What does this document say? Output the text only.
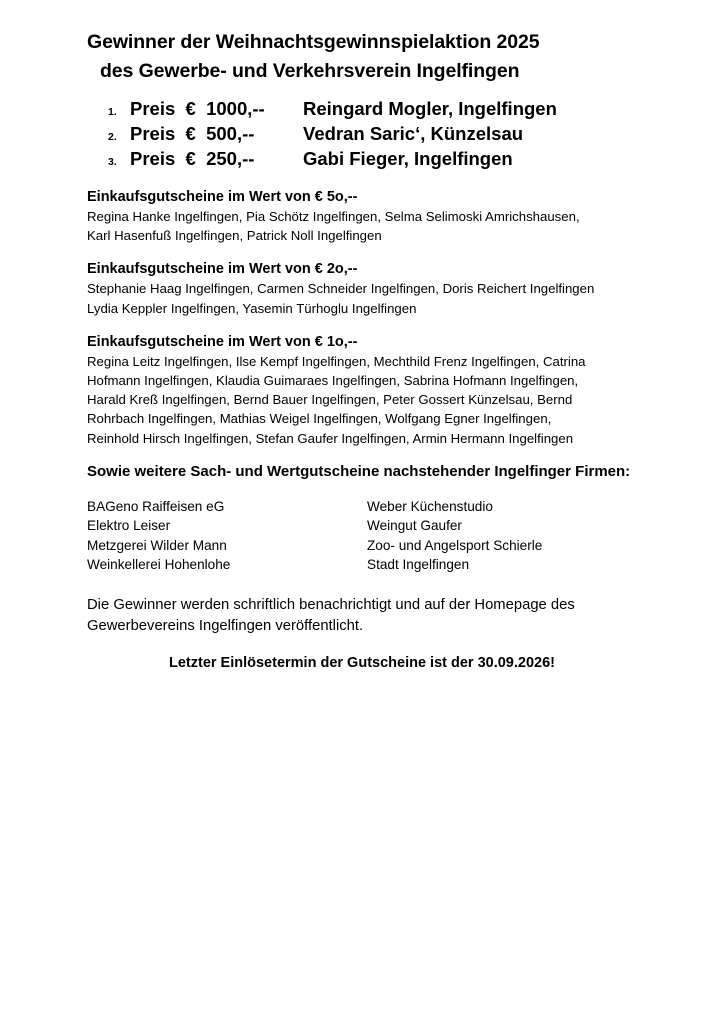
Gewinner der Weihnachtsgewinnspielaktion 2025
des Gewerbe- und Verkehrsverein Ingelfingen
1. Preis  €  1000,--	Reingard Mogler, Ingelfingen
2. Preis  €  500,--	Vedran Saric‘, Künzelsau
3. Preis  €  250,--	Gabi Fieger, Ingelfingen

Einkaufsgutscheine im Wert von € 5o,--

Regina Hanke Ingelfingen, Pia Schötz Ingelfingen, Selma Selimoski Amrichshausen,
Karl Hasenfuß Ingelfingen, Patrick Noll Ingelfingen

Einkaufsgutscheine im Wert von € 2o,--

Stephanie Haag Ingelfingen, Carmen Schneider Ingelfingen, Doris Reichert Ingelfingen
Lydia Keppler Ingelfingen, Yasemin Türhoglu Ingelfingen

Einkaufsgutscheine im Wert von € 1o,--

Regina Leitz Ingelfingen, Ilse Kempf Ingelfingen, Mechthild Frenz Ingelfingen, Catrina
Hofmann Ingelfingen, Klaudia Guimaraes Ingelfingen, Sabrina Hofmann Ingelfingen,
Harald Kreß Ingelfingen, Bernd Bauer Ingelfingen, Peter Gossert Künzelsau, Bernd
Rohrbach Ingelfingen, Mathias Weigel Ingelfingen, Wolfgang Egner Ingelfingen,
Reinhold Hirsch Ingelfingen, Stefan Gaufer Ingelfingen, Armin Hermann Ingelfingen

Sowie weitere Sach- und Wertgutscheine nachstehender Ingelfinger Firmen:

BAGeno Raiffeisen eG
Elektro Leiser
Metzgerei Wilder Mann
Weinkellerei Hohenlohe
Weber Küchenstudio
Weingut Gaufer
Zoo- und Angelsport Schierle
Stadt Ingelfingen

Die Gewinner werden schriftlich benachrichtigt und auf der Homepage des
Gewerbevereins Ingelfingen veröffentlicht.

Letzter Einlösetermin der Gutscheine ist der 30.09.2026!
